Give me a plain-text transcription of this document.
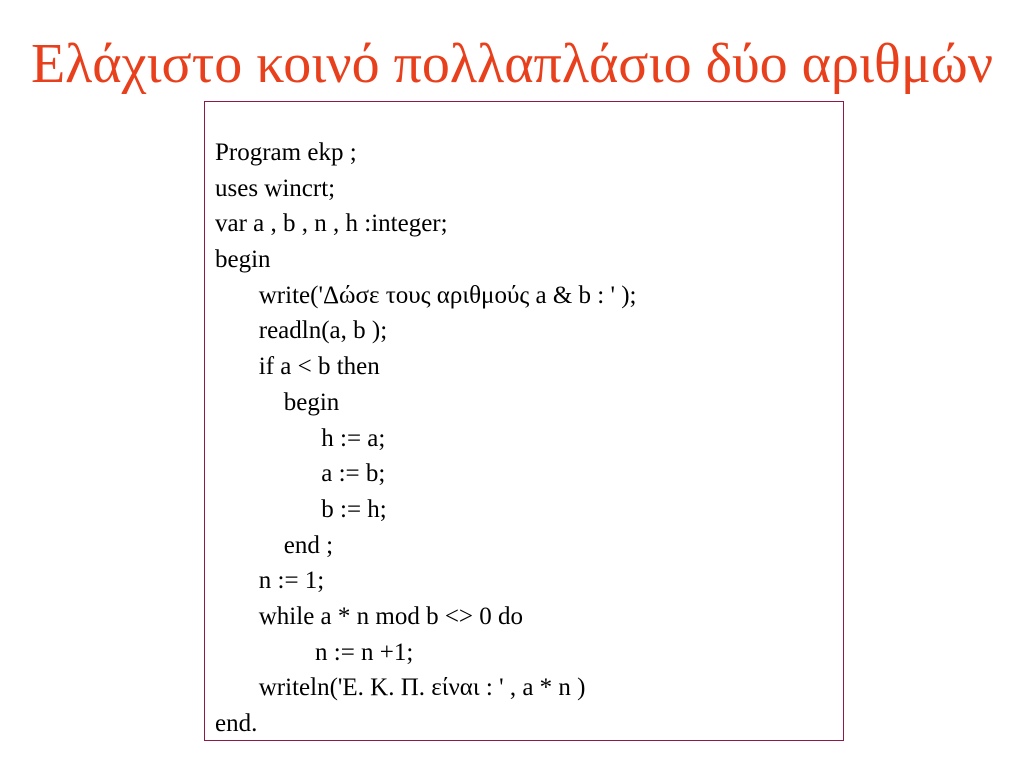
Ελάχιστο κοινό πολλαπλάσιο δύο αριθμών
Program ekp ;
uses wincrt;
var a , b , n , h :integer;
begin
write('Δώσε τους αριθμούς a & b : ' );
readln(a, b );
if a < b then
begin
h := a;
a := b;
b := h;
end ;
n := 1;
while a * n mod b <> 0 do
n := n +1;
writeln('Ε. Κ. Π. είναι : ' , a * n )
end.
